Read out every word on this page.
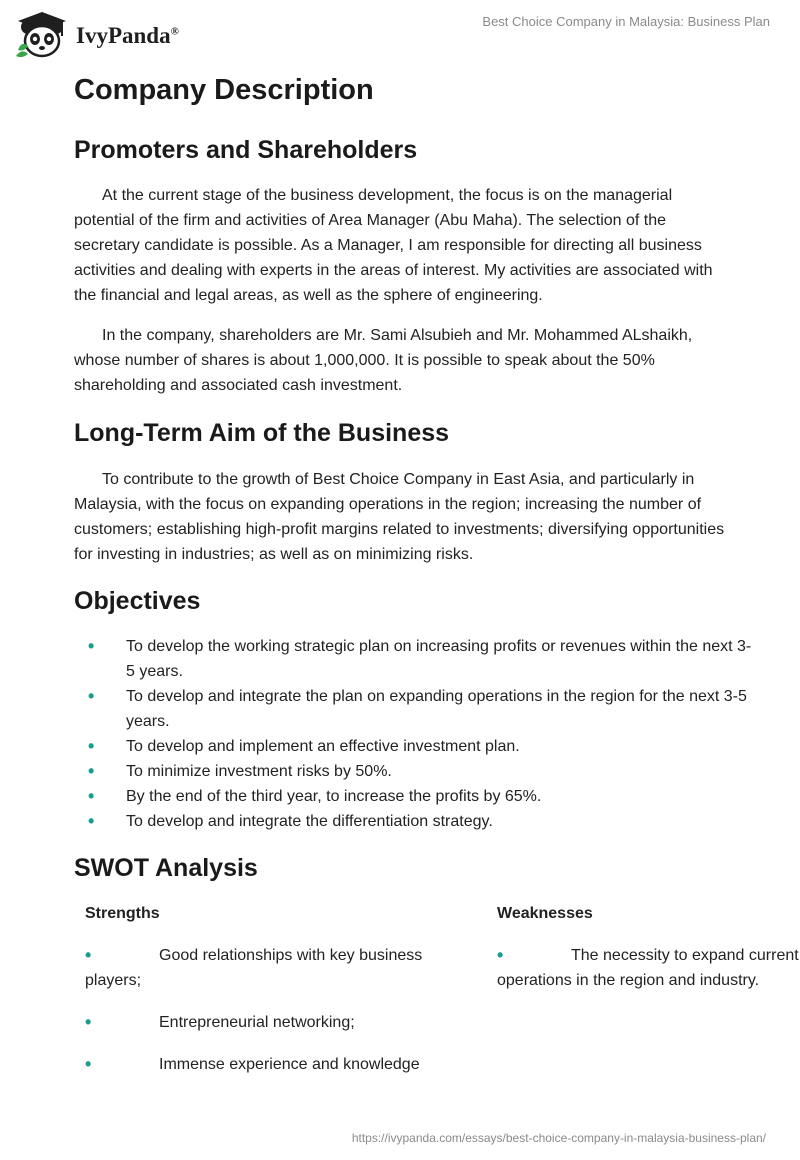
IvyPanda®
Best Choice Company in Malaysia: Business Plan
Company Description
Promoters and Shareholders

At the current stage of the business development, the focus is on the managerial potential of the firm and activities of Area Manager (Abu Maha). The selection of the secretary candidate is possible. As a Manager, I am responsible for directing all business activities and dealing with experts in the areas of interest. My activities are associated with the financial and legal areas, as well as the sphere of engineering.

In the company, shareholders are Mr. Sami Alsubieh and Mr. Mohammed ALshaikh, whose number of shares is about 1,000,000. It is possible to speak about the 50% shareholding and associated cash investment.

Long-Term Aim of the Business

To contribute to the growth of Best Choice Company in East Asia, and particularly in Malaysia, with the focus on expanding operations in the region; increasing the number of customers; establishing high-profit margins related to investments; diversifying opportunities for investing in industries; as well as on minimizing risks.

Objectives
• To develop the working strategic plan on increasing profits or revenues within the next 3-5 years.
• To develop and integrate the plan on expanding operations in the region for the next 3-5 years.
• To develop and implement an effective investment plan.
• To minimize investment risks by 50%.
• By the end of the third year, to increase the profits by 65%.
• To develop and integrate the differentiation strategy.
SWOT Analysis
Strengths
•	Good relationships with key business players;
•	Entrepreneurial networking;
•	Immense experience and knowledge
Weaknesses
•	The necessity to expand current operations in the region and industry.
https://ivypanda.com/essays/best-choice-company-in-malaysia-business-plan/
